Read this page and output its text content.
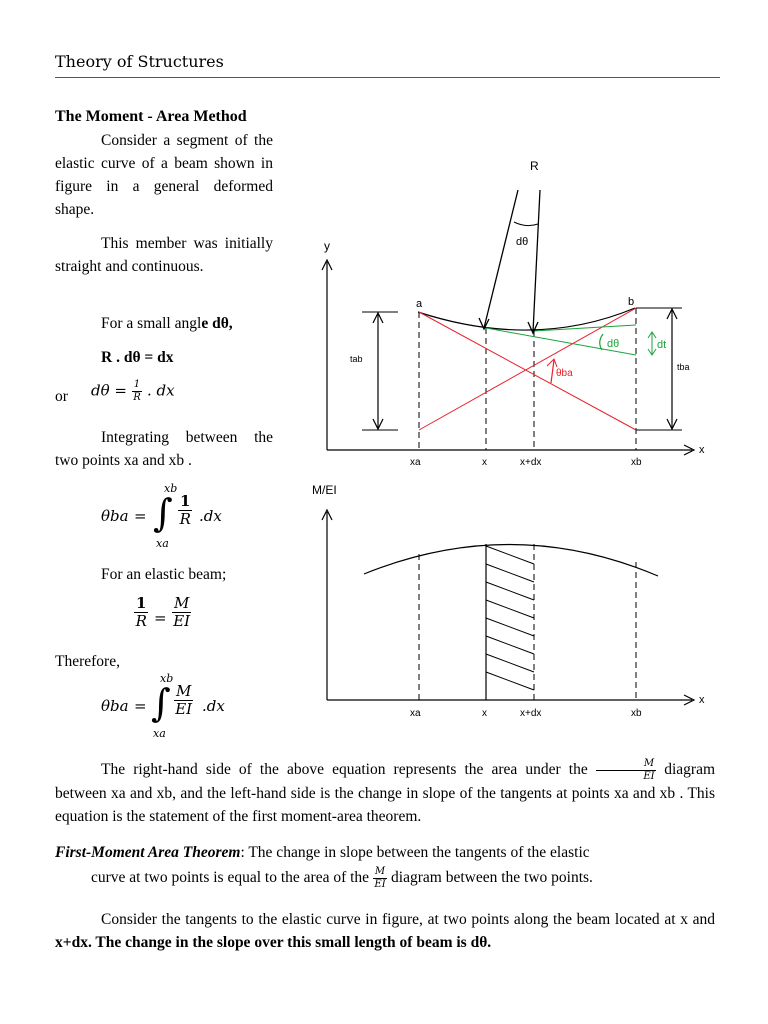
Theory of Structures
The Moment - Area Method
Consider a segment of the elastic curve of a beam shown in figure in a general deformed shape.
This member was initially straight and continuous.
For a small angle dθ,
R . dθ = dx
or $d\theta = \frac{1}{R}$ . dx
Integrating between the two points xa and xb .
θba =
xb
∫
xa
$\frac{1}{R} .dx$
For an elastic beam;
$\frac{1}{R} = \frac{M}{EI}$
Therefore,
θba =
xb
∫
xa
$\frac{M}{EI} .dx$
y
x
a	b
θba
dθ	dt
R
dθ
tab
tba
xa	x	x+dx	xb
M/EI
x
xa	x	x+dx	xb
The right-hand side of the above equation represents the area under the $\frac{M}{EI}$ diagram between xa and xb, and the left-hand side is the change in slope of the tangents at points xa and xb . This equation is the statement of the first moment-area theorem.
First-Moment Area Theorem: The change in slope between the tangents of the elastic
curve at two points is equal to the area of the $\frac{M}{EI}$ diagram between the two points.
Consider the tangents to the elastic curve in figure, at two points along the beam located at x and x+dx. The change in the slope over this small length of beam is dθ.
